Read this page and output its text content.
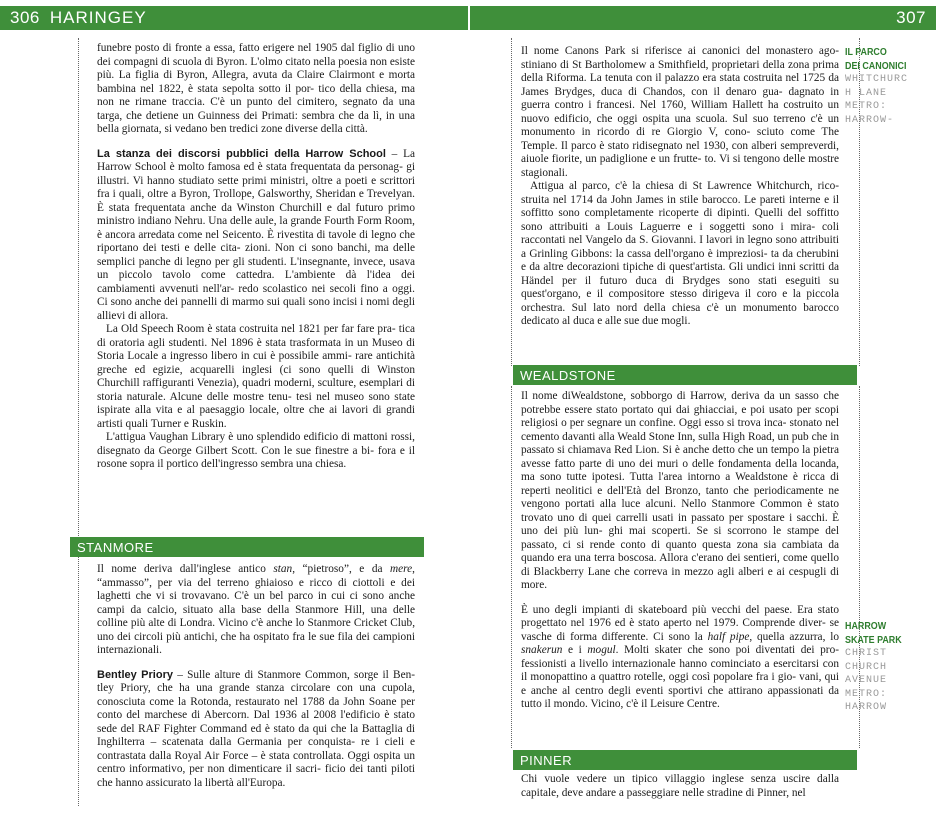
306 HARINGEY	307

funebre posto di fronte a essa, fatto erigere nel 1905 dal figlio di uno dei compagni di scuola di Byron. L'olmo citato nella poesia non esiste più. La figlia di Byron, Allegra, avuta da Claire Clairmont e morta bambina nel 1822, è stata sepolta sotto il por- tico della chiesa, ma non ne rimane traccia. C'è un punto del cimitero, segnato da una targa, che detiene un Guinness dei Primati: sembra che da lì, in una bella giornata, si vedano ben tredici zone diverse della città.

La stanza dei discorsi pubblici della Harrow School – La Harrow School è molto famosa ed è stata frequentata da personag- gi illustri. Vi hanno studiato sette primi ministri, oltre a poeti e scrittori fra i quali, oltre a Byron, Trollope, Galsworthy, Sheridan e Trevelyan. È stata frequentata anche da Winston Churchill e dal futuro primo ministro indiano Nehru. Una delle aule, la grande Fourth Form Room, è ancora arredata come nel Seicento. È rivestita di tavole di legno che riportano dei testi e delle cita- zioni. Non ci sono banchi, ma delle semplici panche di legno per gli studenti. L'insegnante, invece, usava un piccolo tavolo come cattedra. L'ambiente dà l'idea dei cambiamenti avvenuti nell'ar- redo scolastico nei secoli fino a oggi. Ci sono anche dei pannelli di marmo sui quali sono incisi i nomi degli allievi di allora.

La Old Speech Room è stata costruita nel 1821 per far fare pra- tica di oratoria agli studenti. Nel 1896 è stata trasformata in un Museo di Storia Locale a ingresso libero in cui è possibile ammi- rare antichità greche ed egizie, acquarelli inglesi (ci sono quelli di Winston Churchill raffiguranti Venezia), quadri moderni, sculture, esemplari di storia naturale. Alcune delle mostre tenu- tesi nel museo sono state ispirate alla vita e al paesaggio locale, oltre che ai lavori di grandi artisti quali Turner e Ruskin.

L'attigua Vaughan Library è uno splendido edificio di mattoni rossi, disegnato da George Gilbert Scott. Con le sue finestre a bi- fora e il rosone sopra il portico dell'ingresso sembra una chiesa.

STANMORE

Il nome deriva dall'inglese antico stan, “pietroso”, e da mere, “ammasso”, per via del terreno ghiaioso e ricco di ciottoli e dei laghetti che vi si trovavano. C'è un bel parco in cui ci sono anche campi da calcio, situato alla base della Stanmore Hill, una delle colline più alte di Londra. Vicino c'è anche lo Stanmore Cricket Club, uno dei circoli più antichi, che ha ospitato fra le sue fila dei campioni internazionali.

Bentley Priory – Sulle alture di Stanmore Common, sorge il Ben- tley Priory, che ha una grande stanza circolare con una cupola, conosciuta come la Rotonda, restaurato nel 1788 da John Soane per conto del marchese di Abercorn. Dal 1936 al 2008 l'edificio è stato sede del RAF Fighter Command ed è stato da qui che la Battaglia di Inghilterra – scatenata dalla Germania per conquista- re i cieli e contrastata dalla Royal Air Force – è stata controllata. Oggi ospita un centro informativo, per non dimenticare il sacri- ficio dei tanti piloti che hanno assicurato la libertà all'Europa.

Il nome Canons Park si riferisce ai canonici del monastero ago- stiniano di St Bartholomew a Smithfield, proprietari della zona prima della Riforma. La tenuta con il palazzo era stata costruita nel 1725 da James Brydges, duca di Chandos, con il denaro gua- dagnato in guerra contro i francesi. Nel 1760, William Hallett ha costruito un nuovo edificio, che oggi ospita una scuola. Sul suo terreno c'è un monumento in ricordo di re Giorgio V, cono- sciuto come The Temple. Il parco è stato ridisegnato nel 1930, con alberi sempreverdi, aiuole fiorite, un padiglione e un frutte- to. Vi si tengono delle mostre stagionali.

Attigua al parco, c'è la chiesa di St Lawrence Whitchurch, rico- struita nel 1714 da John James in stile barocco. Le pareti interne e il soffitto sono completamente ricoperte di dipinti. Quelli del soffitto sono attribuiti a Louis Laguerre e i soggetti sono i mira- coli raccontati nel Vangelo da S. Giovanni. I lavori in legno sono attribuiti a Grinling Gibbons: la cassa dell'organo è impreziosi- ta da cherubini e da altre decorazioni tipiche di quest'artista. Gli undici inni scritti da Händel per il futuro duca di Brydges sono stati eseguiti su quest'organo, e il compositore stesso dirigeva il coro e la piccola orchestra. Sul lato nord della chiesa c'è un monumento barocco dedicato al duca e alle sue due mogli.

WEALDSTONE

Il nome diWealdstone, sobborgo di Harrow, deriva da un sasso che potrebbe essere stato portato qui dai ghiacciai, e poi usato per scopi religiosi o per segnare un confine. Oggi esso si trova inca- stonato nel cemento davanti alla Weald Stone Inn, sulla High Road, un pub che in passato si chiamava Red Lion. Si è anche detto che un tempo la pietra avesse fatto parte di uno dei muri o delle fondamenta della locanda, ma sono tutte ipotesi. Tutta l'area intorno a Wealdstone è ricca di reperti neolitici e dell'Età del Bronzo, tanto che periodicamente ne vengono portati alla luce alcuni. Nello Stanmore Common è stato trovato uno di quei carrelli usati in passato per spostare i sacchi. È uno dei più lun- ghi mai scoperti. Se si scorrono le stampe del passato, ci si rende conto di quanto questa zona sia cambiata da quando era una terra boscosa. Allora c'erano dei sentieri, come quello di Blackberry Lane che correva in mezzo agli alberi e ai cespugli di more.

È uno degli impianti di skateboard più vecchi del paese. Era stato progettato nel 1976 ed è stato aperto nel 1979. Comprende diver- se vasche di forma differente. Ci sono la half pipe, quella azzurra, lo snakerun e i mogul. Molti skater che sono poi diventati dei pro- fessionisti a livello internazionale hanno cominciato a esercitarsi con il monopattino a quattro rotelle, oggi così popolare fra i gio- vani, qui e anche al centro degli eventi sportivi che attirano appassionati da tutto il mondo. Vicino, c'è il Leisure Centre.

PINNER

Chi vuole vedere un tipico villaggio inglese senza uscire dalla capitale, deve andare a passeggiare nelle stradine di Pinner, nel

IL PARCO
DEI CANONICI
WHITCHURC
H LANE
METRO:
HARROW-
HARROW
SKATE PARK
CHRIST
CHURCH
AVENUE
METRO:
HARROW
